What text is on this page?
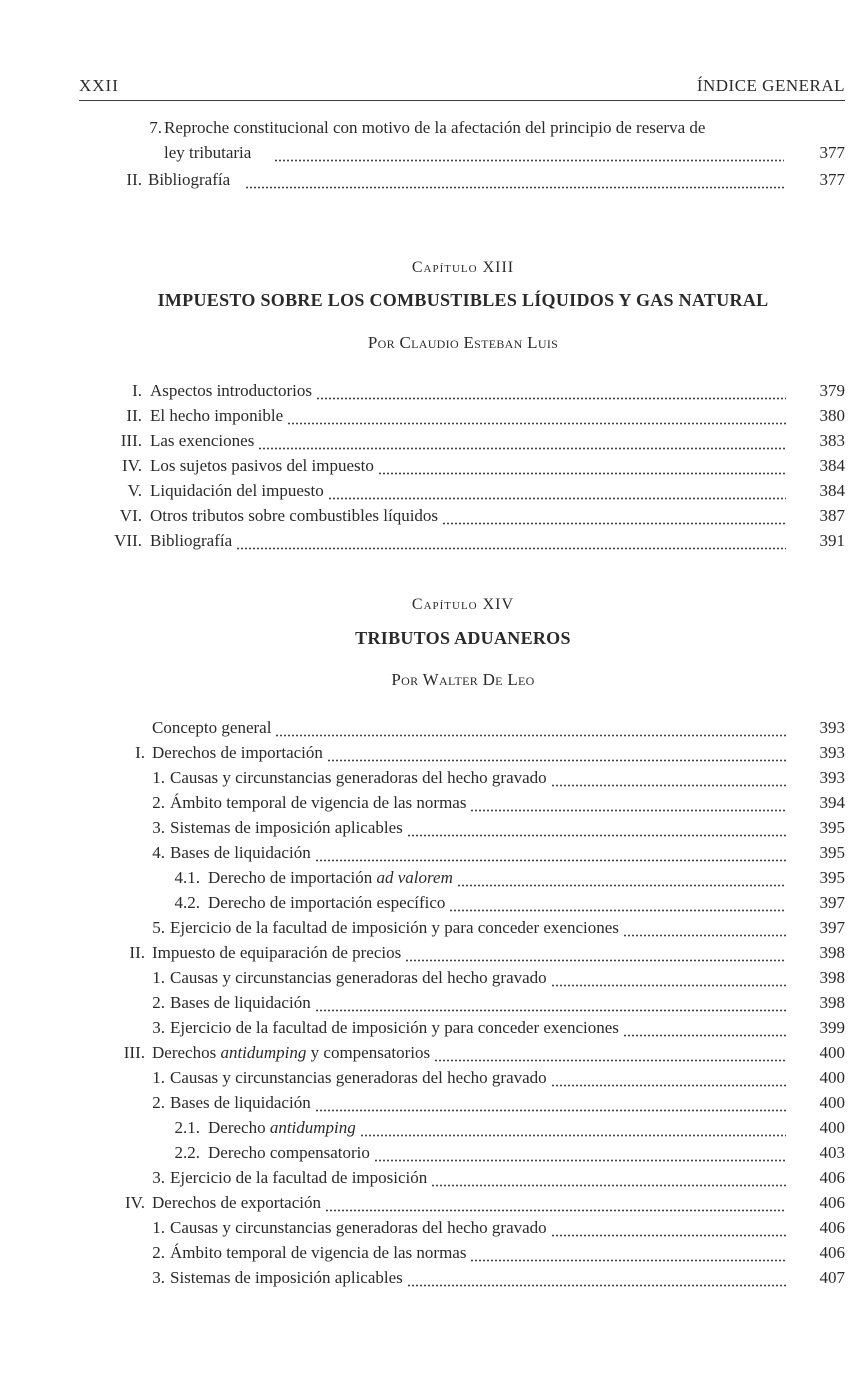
XXII	ÍNDICE GENERAL
7. Reproche constitucional con motivo de la afectación del principio de reserva de
ley tributaria	377
II. Bibliografía	377
Capítulo XIII
IMPUESTO SOBRE LOS COMBUSTIBLES LÍQUIDOS Y GAS NATURAL
Por Claudio Esteban Luis
I. Aspectos introductorios	379
II. El hecho imponible	380
III. Las exenciones	383
IV. Los sujetos pasivos del impuesto	384
V. Liquidación del impuesto	384
VI. Otros tributos sobre combustibles líquidos	387
VII. Bibliografía	391
Capítulo XIV
TRIBUTOS ADUANEROS
Por Walter De Leo
Concepto general	393
I. Derechos de importación	393
1. Causas y circunstancias generadoras del hecho gravado	393
2. Ámbito temporal de vigencia de las normas	394
3. Sistemas de imposición aplicables	395
4. Bases de liquidación	395
4.1. Derecho de importación ad valorem	395
4.2. Derecho de importación específico	397
5. Ejercicio de la facultad de imposición y para conceder exenciones	397
II. Impuesto de equiparación de precios	398
1. Causas y circunstancias generadoras del hecho gravado	398
2. Bases de liquidación	398
3. Ejercicio de la facultad de imposición y para conceder exenciones	399
III. Derechos antidumping y compensatorios	400
1. Causas y circunstancias generadoras del hecho gravado	400
2. Bases de liquidación	400
2.1. Derecho antidumping	400
2.2. Derecho compensatorio	403
3. Ejercicio de la facultad de imposición	406
IV. Derechos de exportación	406
1. Causas y circunstancias generadoras del hecho gravado	406
2. Ámbito temporal de vigencia de las normas	406
3. Sistemas de imposición aplicables	407
